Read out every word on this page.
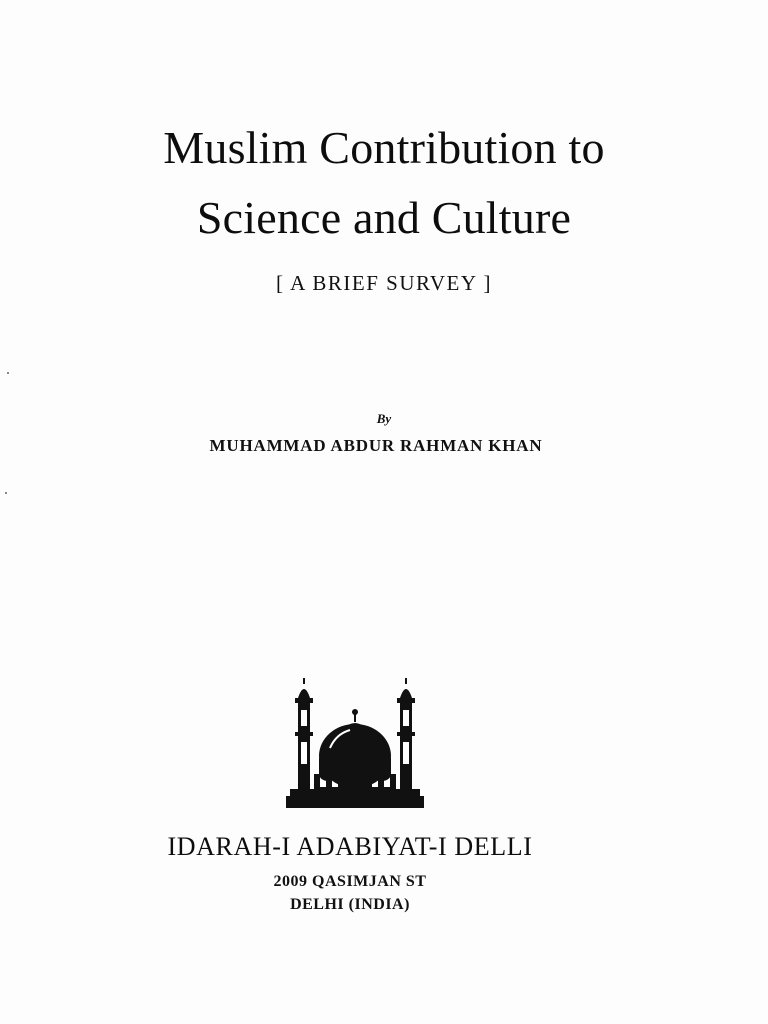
Muslim Contribution to
Science and Culture
[ A BRIEF SURVEY ]
By
MUHAMMAD ABDUR RAHMAN KHAN
IDARAH-I ADABIYAT-I DELLI
2009 QASIMJAN ST
DELHI (INDIA)
